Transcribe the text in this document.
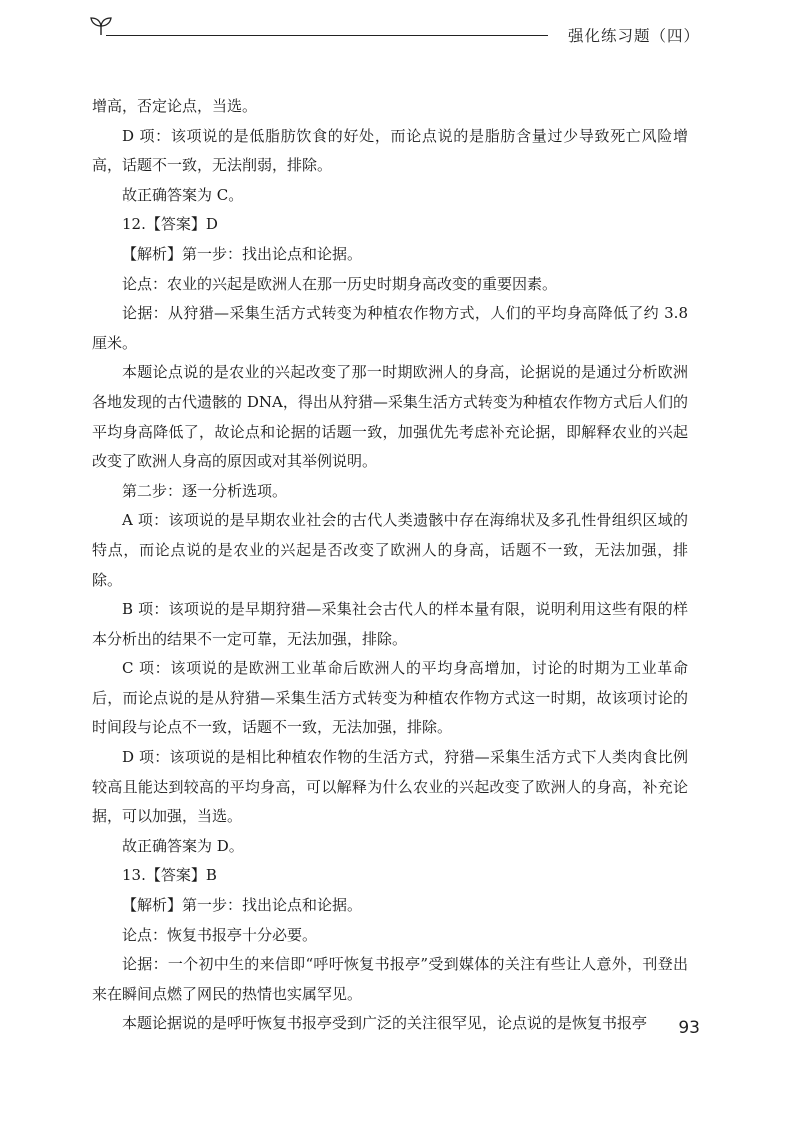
强化练习题（四）

增高，否定论点，当选。

D 项：该项说的是低脂肪饮食的好处，而论点说的是脂肪含量过少导致死亡风险增高，话题不一致，无法削弱，排除。

故正确答案为 C。

12.【答案】D

【解析】第一步：找出论点和论据。

论点：农业的兴起是欧洲人在那一历史时期身高改变的重要因素。

论据：从狩猎—采集生活方式转变为种植农作物方式，人们的平均身高降低了约 3.8 厘米。

本题论点说的是农业的兴起改变了那一时期欧洲人的身高，论据说的是通过分析欧洲各地发现的古代遗骸的 DNA，得出从狩猎—采集生活方式转变为种植农作物方式后人们的平均身高降低了，故论点和论据的话题一致，加强优先考虑补充论据，即解释农业的兴起改变了欧洲人身高的原因或对其举例说明。

第二步：逐一分析选项。

A 项：该项说的是早期农业社会的古代人类遗骸中存在海绵状及多孔性骨组织区域的特点，而论点说的是农业的兴起是否改变了欧洲人的身高，话题不一致，无法加强，排除。

B 项：该项说的是早期狩猎—采集社会古代人的样本量有限，说明利用这些有限的样本分析出的结果不一定可靠，无法加强，排除。

C 项：该项说的是欧洲工业革命后欧洲人的平均身高增加，讨论的时期为工业革命后，而论点说的是从狩猎—采集生活方式转变为种植农作物方式这一时期，故该项讨论的时间段与论点不一致，话题不一致，无法加强，排除。

D 项：该项说的是相比种植农作物的生活方式，狩猎—采集生活方式下人类肉食比例较高且能达到较高的平均身高，可以解释为什么农业的兴起改变了欧洲人的身高，补充论据，可以加强，当选。

故正确答案为 D。

13.【答案】B

【解析】第一步：找出论点和论据。

论点：恢复书报亭十分必要。

论据：一个初中生的来信即“呼吁恢复书报亭”受到媒体的关注有些让人意外，刊登出来在瞬间点燃了网民的热情也实属罕见。

本题论据说的是呼吁恢复书报亭受到广泛的关注很罕见，论点说的是恢复书报亭	93
